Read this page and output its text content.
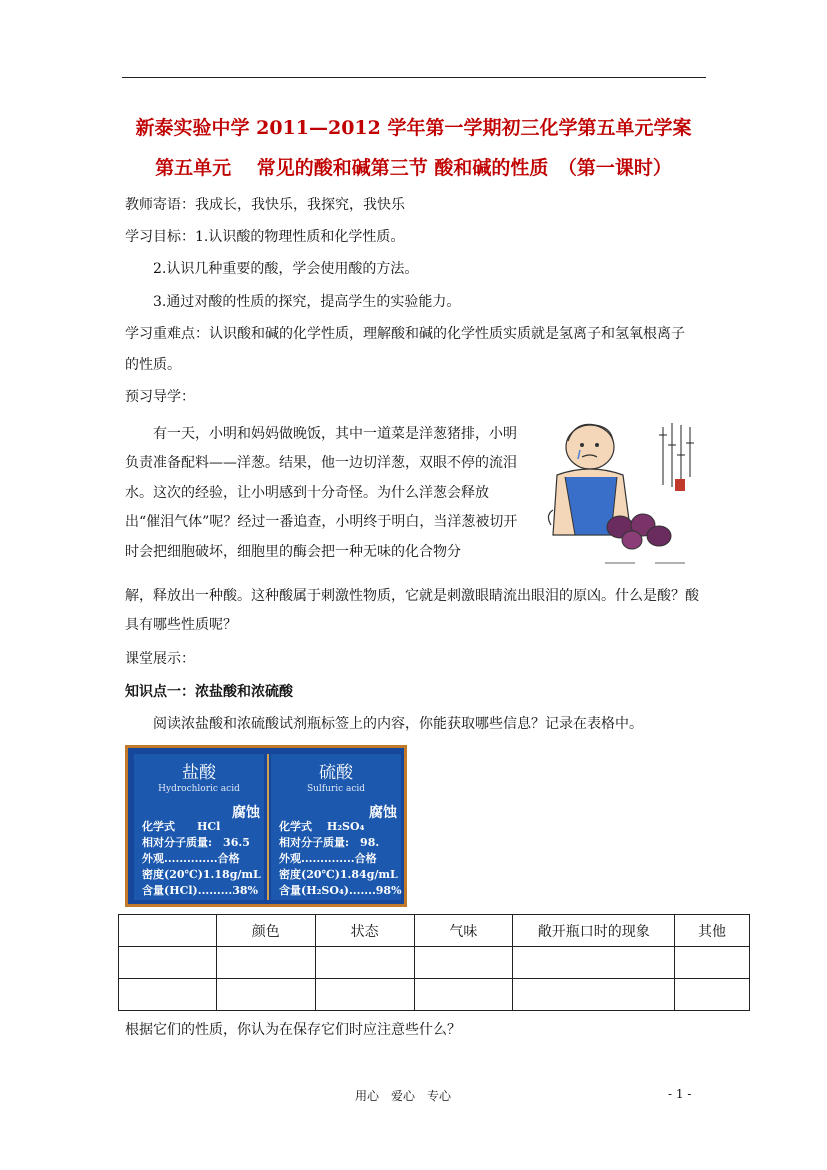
新泰实验中学 2011—2012 学年第一学期初三化学第五单元学案
第五单元　 常见的酸和碱第三节 酸和碱的性质　（第一课时）
教师寄语：我成长，我快乐，我探究，我快乐
学习目标：1.认识酸的物理性质和化学性质。
2.认识几种重要的酸，学会使用酸的方法。
3.通过对酸的性质的探究，提高学生的实验能力。
学习重难点：认识酸和碱的化学性质，理解酸和碱的化学性质实质就是氢离子和氢氧根离子
的性质。
预习导学：

有一天，小明和妈妈做晚饭，其中一道菜是洋葱猪排，小明负责准备配料——洋葱。结果，他一边切洋葱，双眼不停的流泪水。这次的经验，让小明感到十分奇怪。为什么洋葱会释放出“催泪气体”呢？经过一番追查，小明终于明白，当洋葱被切开时会把细胞破坏，细胞里的酶会把一种无味的化合物分

解，释放出一种酸。这种酸属于刺激性物质，它就是刺激眼睛流出眼泪的原凶。什么是酸？酸具有哪些性质呢？
课堂展示：
知识点一：浓盐酸和浓硫酸
阅读浓盐酸和浓硫酸试剂瓶标签上的内容，你能获取哪些信息？记录在表格中。
盐酸
Hydrochloric acid
腐蚀
化学式　　HCl
相对分子质量:　36.5
外观..............合格
密度(20℃)1.18g/mL
含量(HCl).........38%
硫酸
Sulfuric acid
腐蚀
化学式　 H₂SO₄
相对分子质量:　98.
外观..............合格
密度(20℃)1.84g/mL
含量(H₂SO₄).......98%
	颜色	状态	气味	敞开瓶口时的现象	其他

根据它们的性质，你认为在保存它们时应注意些什么？
用心　爱心　专心	- 1 -
